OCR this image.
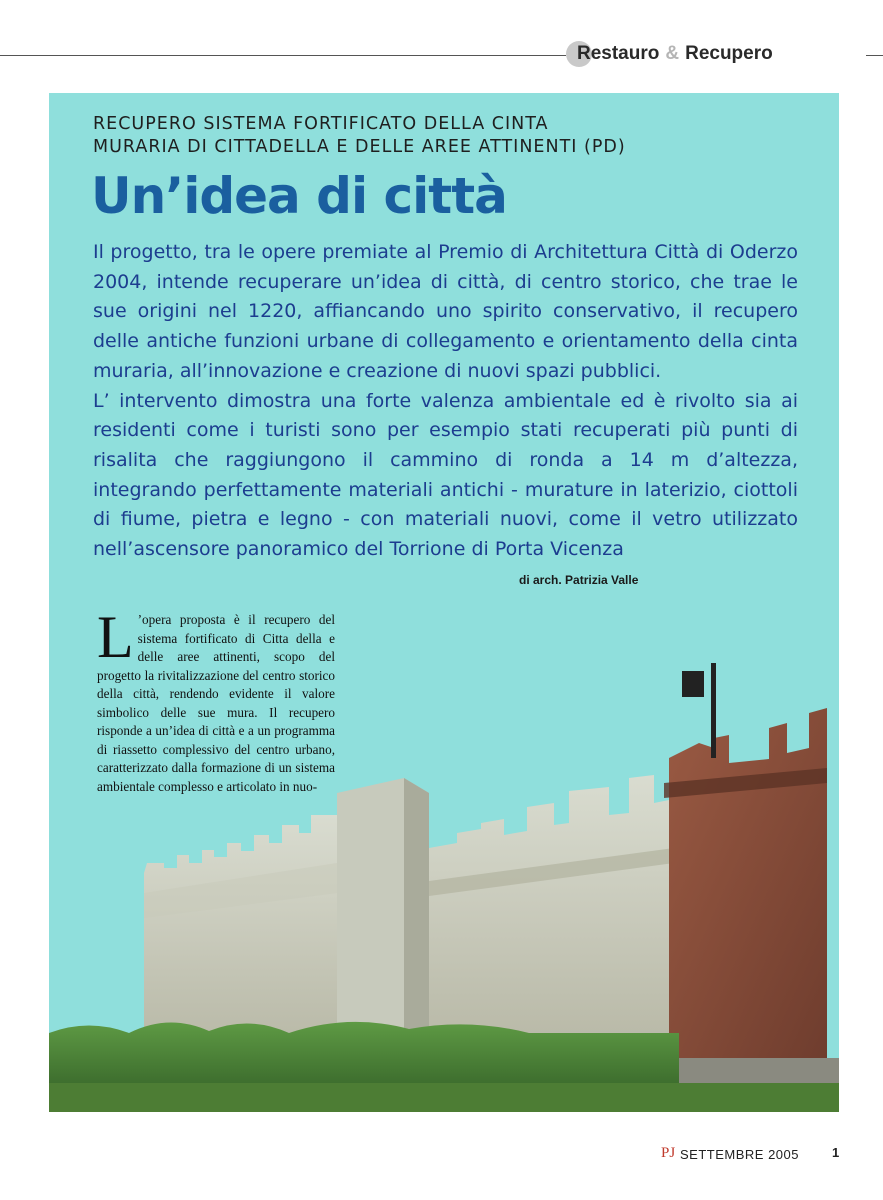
Restauro & Recupero
RECUPERO SISTEMA FORTIFICATO DELLA CINTA
MURARIA DI CITTADELLA E DELLE AREE ATTINENTI (PD)
Un’idea di città

Il progetto, tra le opere premiate al Premio di Architettura Città di Oderzo 2004, intende recuperare un’idea di città, di centro storico, che trae le sue origini nel 1220, affiancando uno spirito conservativo, il recupero delle antiche funzioni urbane di collegamento e orientamento della cinta muraria, all’innovazione e creazione di nuovi spazi pubblici.

L’ intervento dimostra una forte valenza ambientale ed è rivolto sia ai residenti come i turisti sono per esempio stati recuperati più punti di risalita che raggiungono il cammino di ronda a 14 m d’altezza, integrando perfettamente materiali antichi - murature in laterizio, ciottoli di fiume, pietra e legno - con materiali nuovi, come il vetro utilizzato nell’ascensore panoramico del Torrione di Porta Vicenza

di arch. Patrizia Valle
L ’opera proposta è il recupero del sistema fortificato di Citta della e delle aree attinenti, scopo del progetto la rivitalizzazione del centro storico della città, rendendo evidente il valore simbolico delle sue mura. Il recupero risponde a un’idea di città e a un programma di riassetto complessivo del centro urbano, caratterizzato dalla formazione di un sistema ambientale complesso e articolato in nuo-
PJ SETTEMBRE 2005	1
